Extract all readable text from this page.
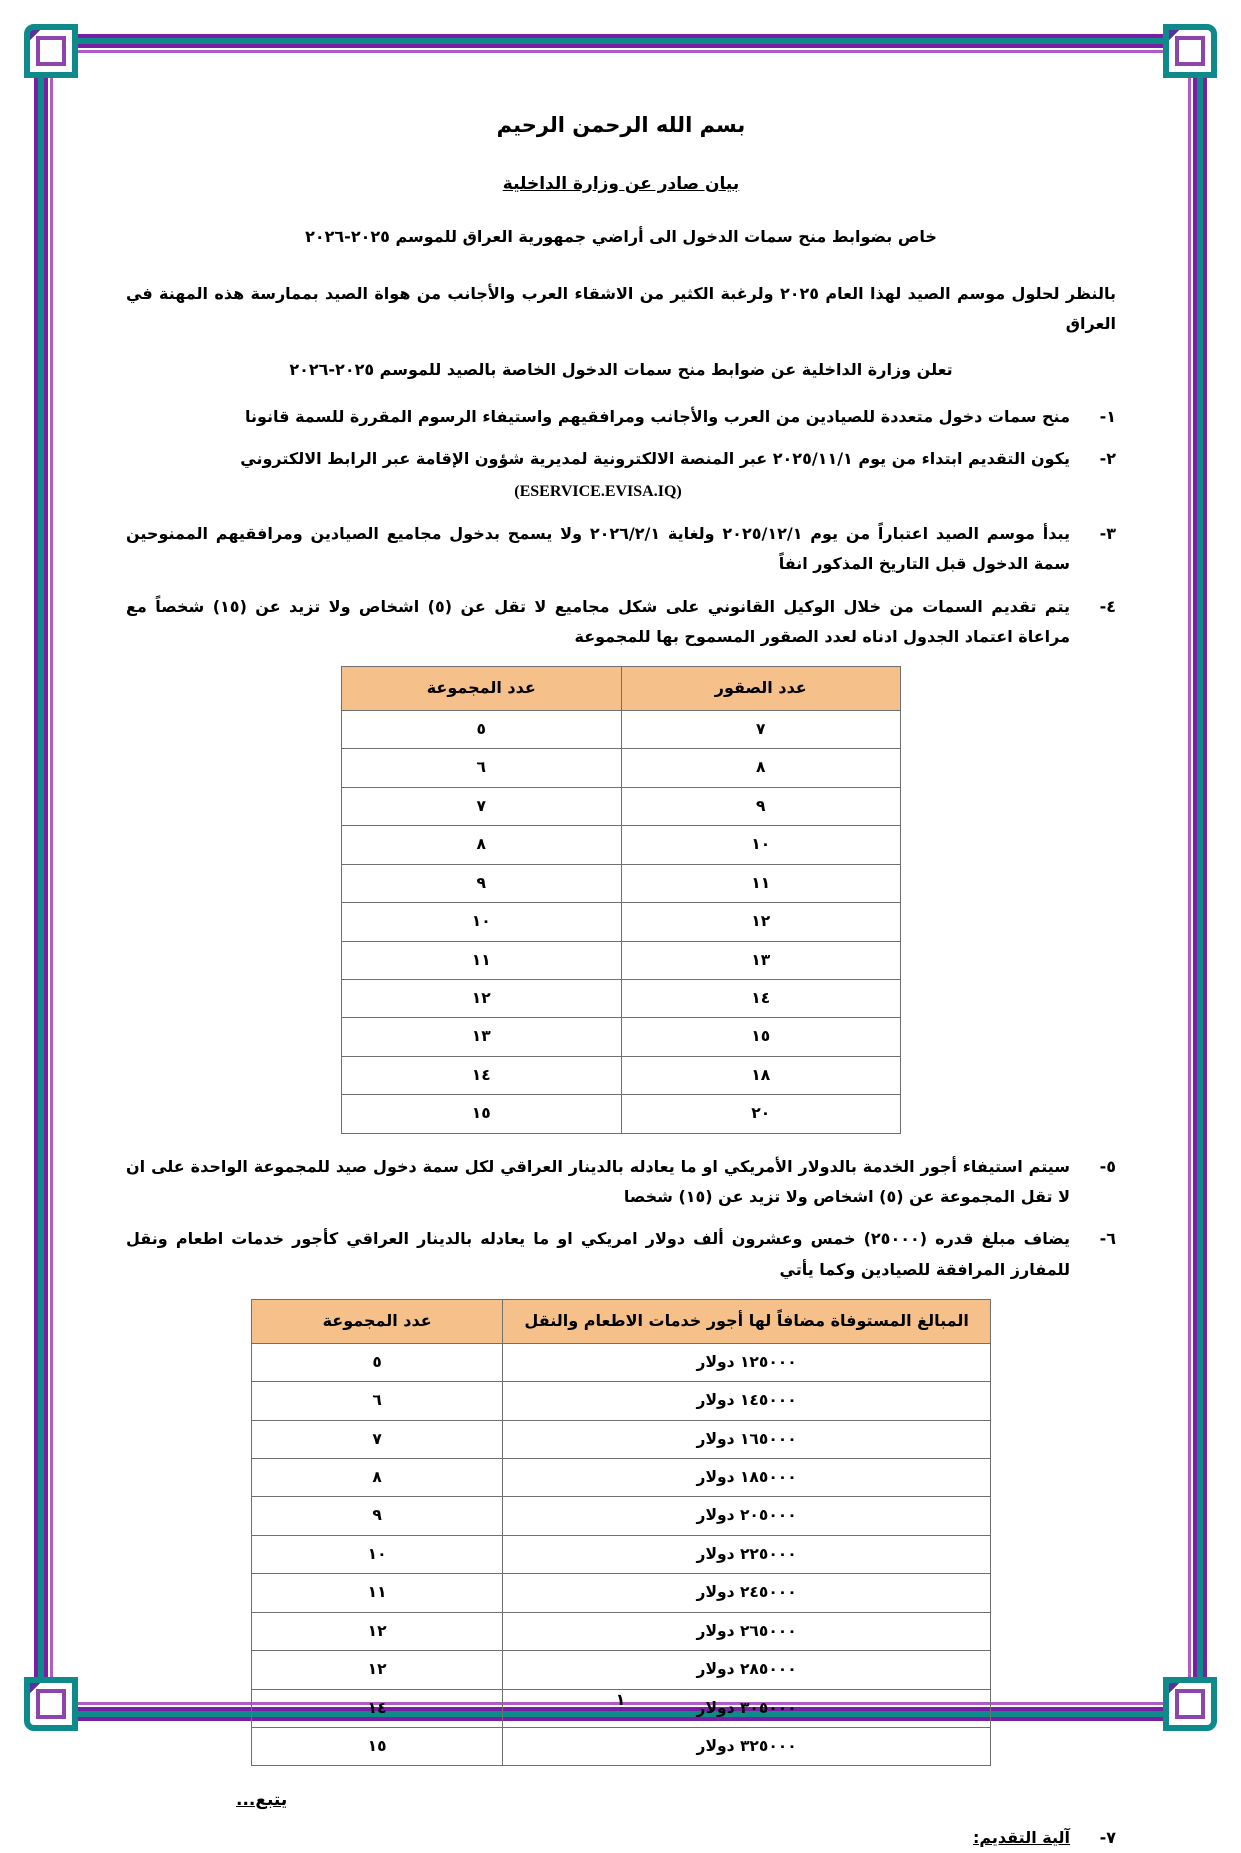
بسم الله الرحمن الرحيم
بيان صادر عن وزارة الداخلية
خاص بضوابط منح سمات الدخول الى أراضي جمهورية العراق للموسم ٢٠٢٥-٢٠٢٦
بالنظر لحلول موسم الصيد لهذا العام ٢٠٢٥ ولرغبة الكثير من الاشقاء العرب والأجانب من هواة الصيد بممارسة هذه المهنة في العراق
تعلن وزارة الداخلية عن ضوابط منح سمات الدخول الخاصة بالصيد للموسم ٢٠٢٥-٢٠٢٦
١-
منح سمات دخول متعددة للصيادين من العرب والأجانب ومرافقيهم واستيفاء الرسوم المقررة للسمة قانونا
٢-
يكون التقديم ابتداء من يوم ٢٠٢٥/١١/١ عبر المنصة الالكترونية لمديرية شؤون الإقامة عبر الرابط الالكتروني
(ESERVICE.EVISA.IQ)
٣-
يبدأ موسم الصيد اعتباراً من يوم ٢٠٢٥/١٢/١ ولغاية ٢٠٢٦/٢/١ ولا يسمح بدخول مجاميع الصيادين ومرافقيهم الممنوحين سمة الدخول قبل التاريخ المذكور انفاً
٤-
يتم تقديم السمات من خلال الوكيل القانوني على شكل مجاميع لا تقل عن (٥) اشخاص ولا تزيد عن (١٥) شخصاً مع مراعاة اعتماد الجدول ادناه لعدد الصقور المسموح بها للمجموعة
عدد الصقور	عدد المجموعة
٧	٥
٨	٦
٩	٧
١٠	٨
١١	٩
١٢	١٠
١٣	١١
١٤	١٢
١٥	١٣
١٨	١٤
٢٠	١٥
٥-
سيتم استيفاء أجور الخدمة بالدولار الأمريكي او ما يعادله بالدينار العراقي لكل سمة دخول صيد للمجموعة الواحدة على ان لا تقل المجموعة عن (٥) اشخاص ولا تزيد عن (١٥) شخصا
٦-
يضاف مبلغ قدره (٢٥٠٠٠) خمس وعشرون ألف دولار امريكي او ما يعادله بالدينار العراقي كأجور خدمات اطعام ونقل للمفارز المرافقة للصيادين وكما يأتي
المبالغ المستوفاة مضافاً لها أجور خدمات الاطعام والنقل	عدد المجموعة
١٢٥٠٠٠ دولار	٥
١٤٥٠٠٠ دولار	٦
١٦٥٠٠٠ دولار	٧
١٨٥٠٠٠ دولار	٨
٢٠٥٠٠٠ دولار	٩
٢٢٥٠٠٠ دولار	١٠
٢٤٥٠٠٠ دولار	١١
٢٦٥٠٠٠ دولار	١٢
٢٨٥٠٠٠ دولار	١٢
٣٠٥٠٠٠ دولار	١٤
٣٢٥٠٠٠ دولار	١٥
يتبع...
٧-
آلية التقديم:
١
